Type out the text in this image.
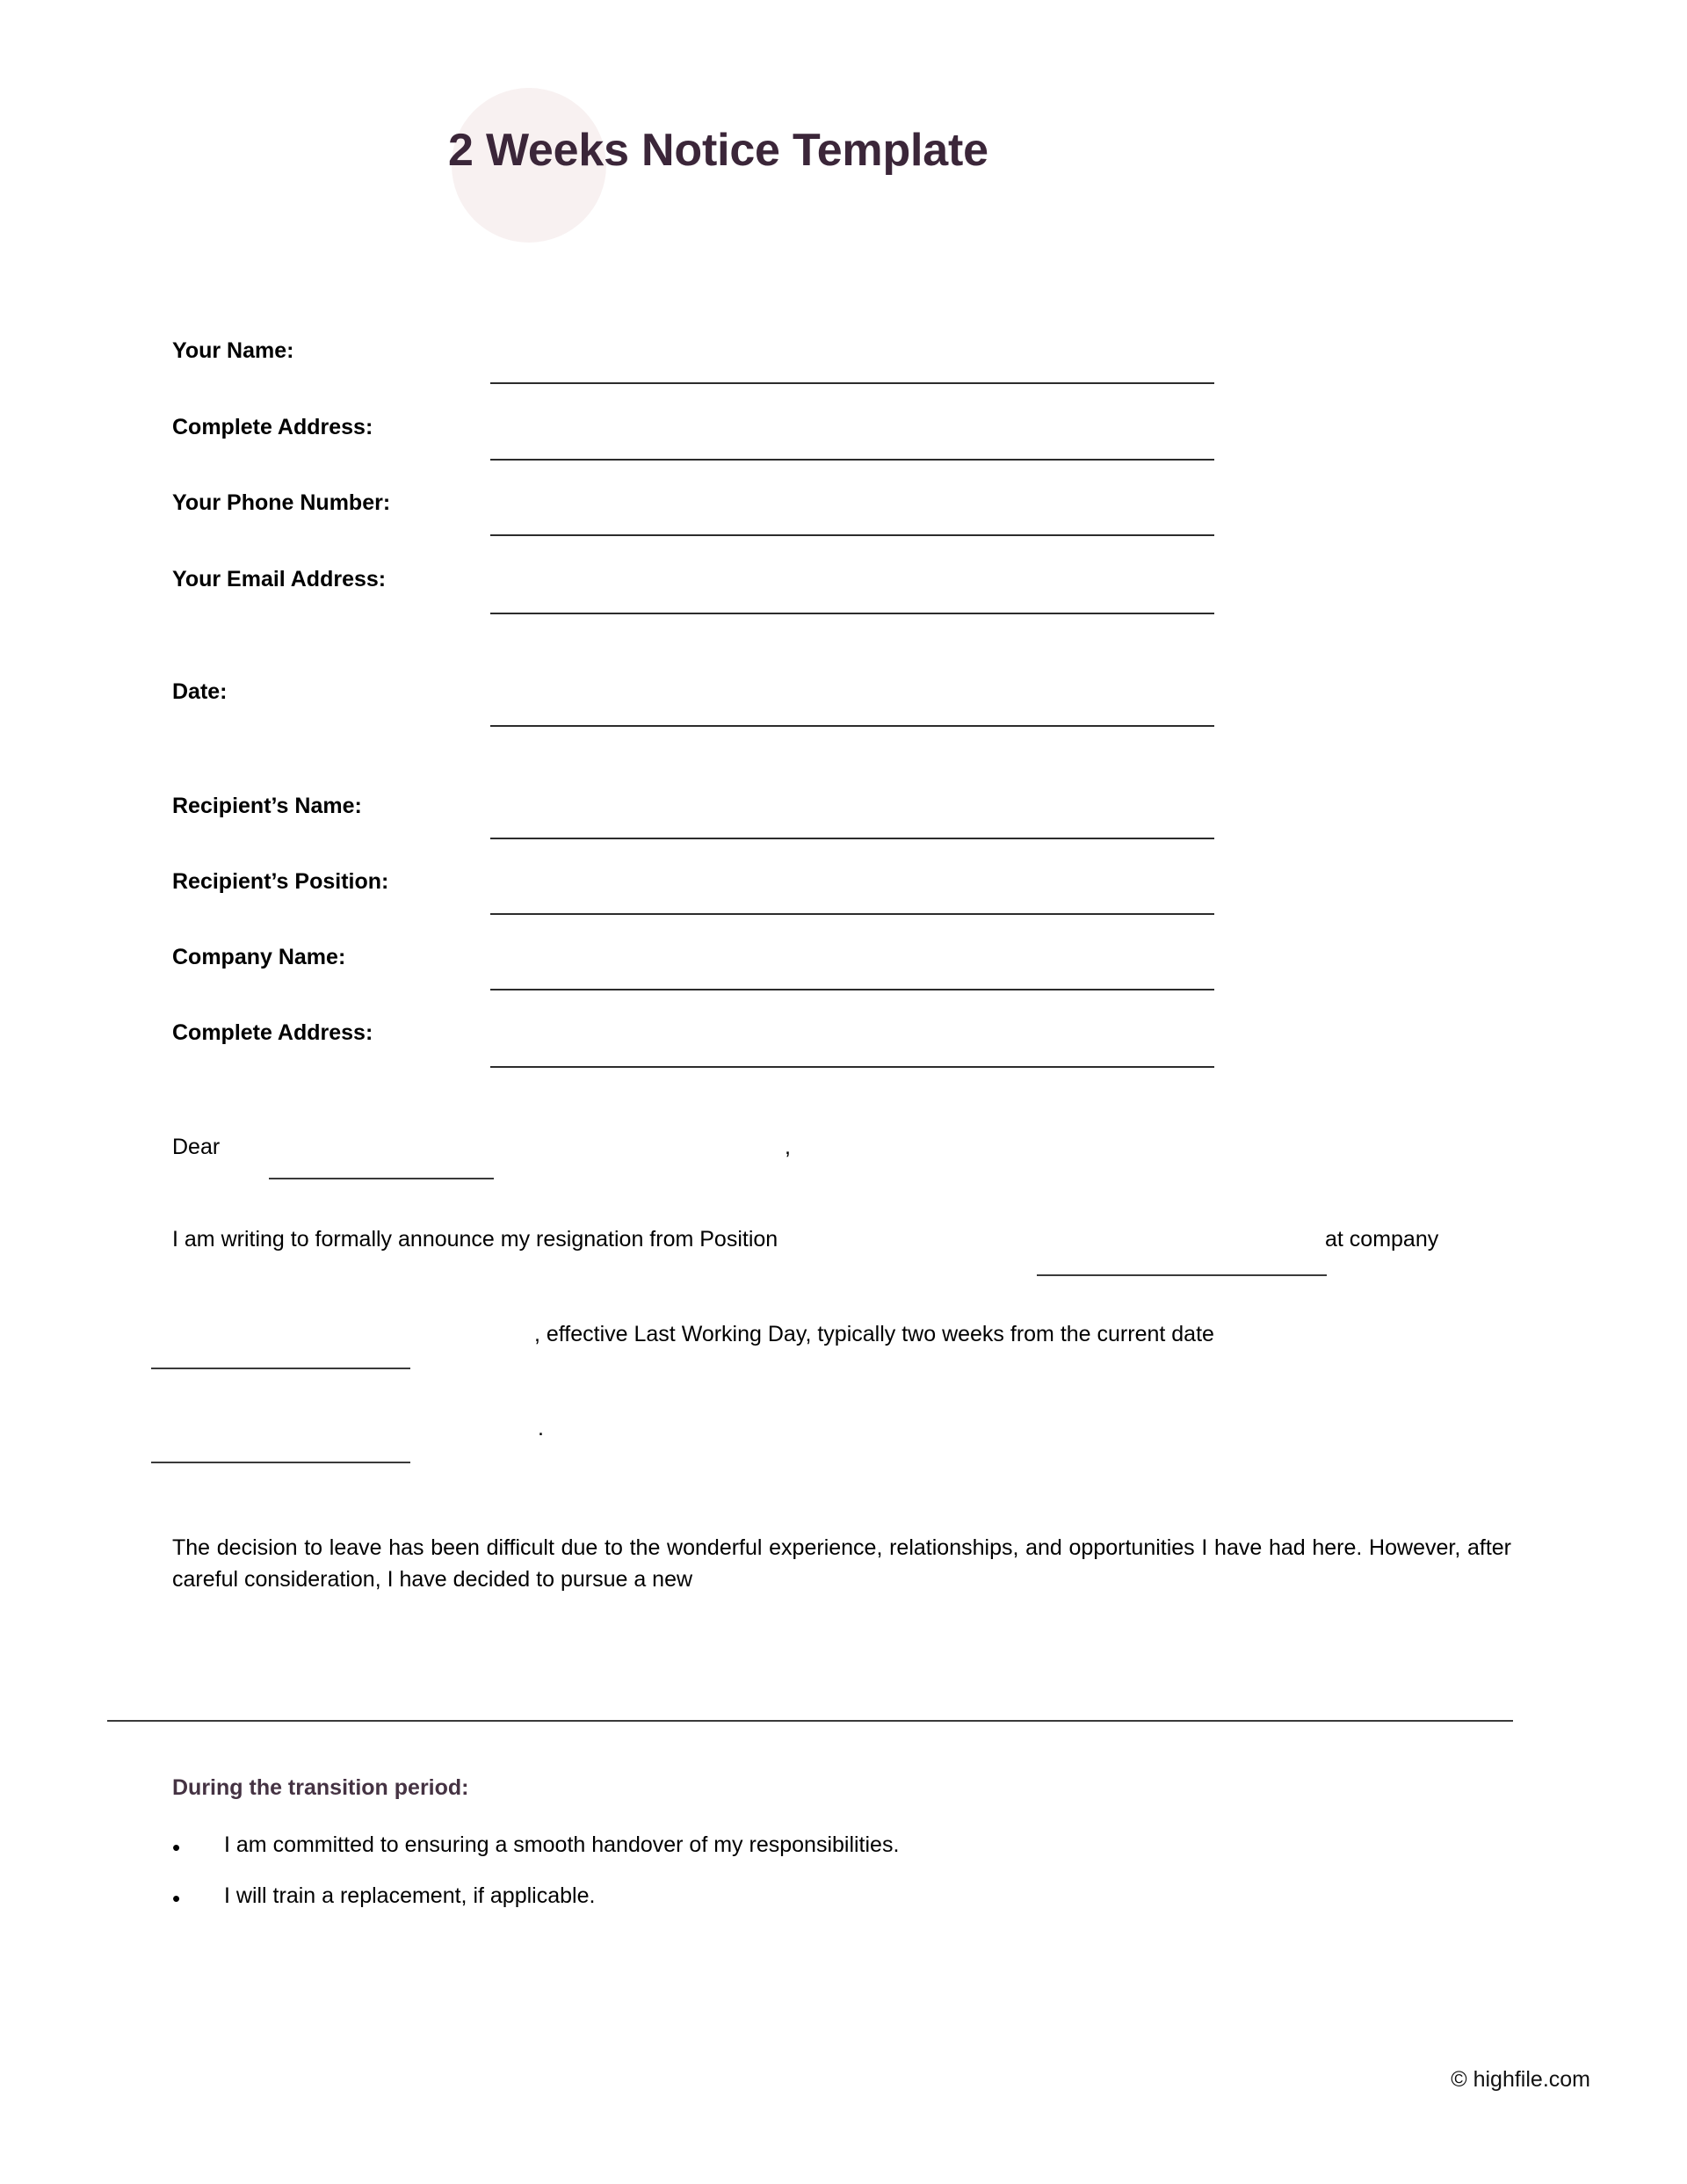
2 Weeks Notice Template
Your Name:
Complete Address:
Your Phone Number:
Your Email Address:
Date:
Recipient’s Name:
Recipient’s Position:
Company Name:
Complete Address:
Dear	,
I am writing to formally announce my resignation from Position	at company
, effective Last Working Day, typically two weeks from the current date
.
The decision to leave has been difficult due to the wonderful experience, relationships, and opportunities I have had here. However, after careful consideration, I have decided to pursue a new
During the transition period:
• I am committed to ensuring a smooth handover of my responsibilities.
• I will train a replacement, if applicable.
© highfile.com
